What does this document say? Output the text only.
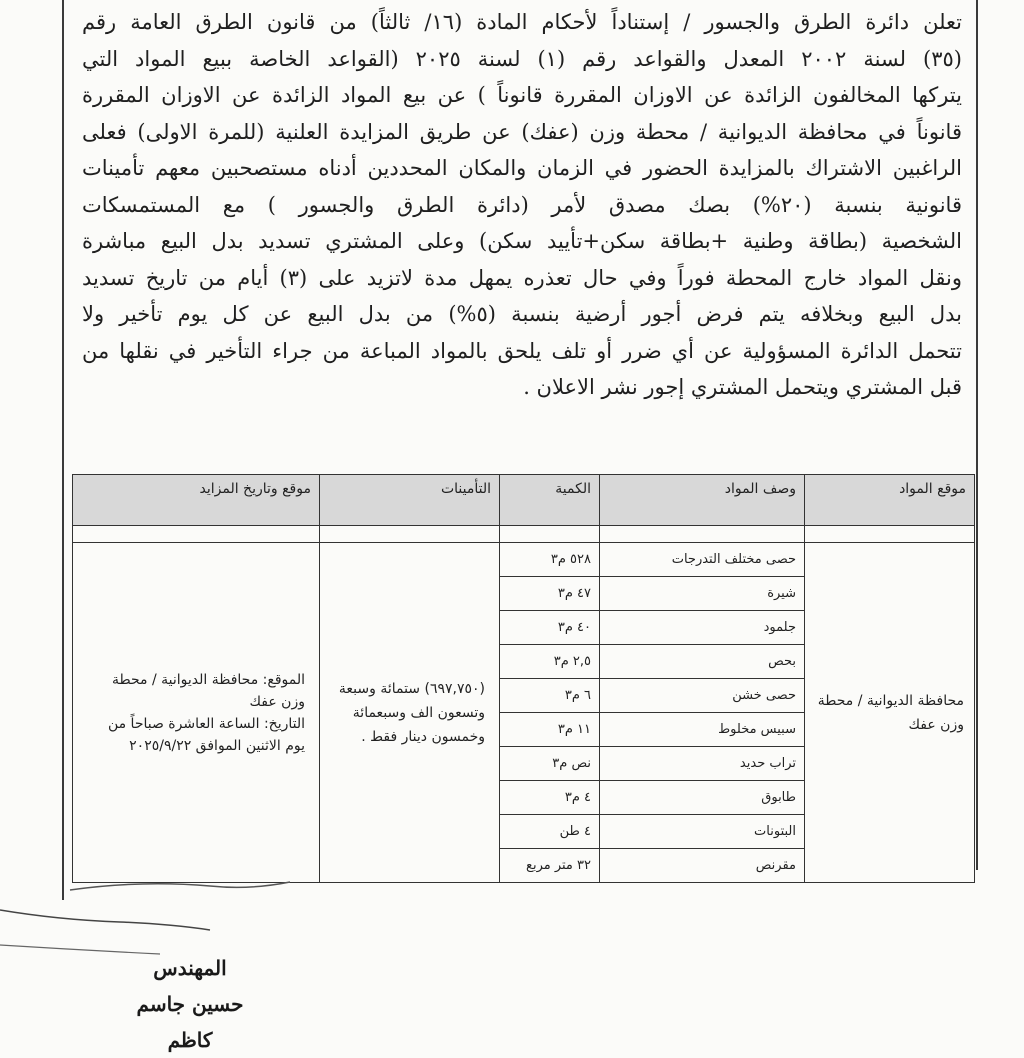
تعلن دائرة الطرق والجسور / إستناداً لأحكام المادة (١٦/ ثالثاً) من قانون الطرق العامة رقم
(٣٥) لسنة ٢٠٠٢ المعدل والقواعد رقم (١) لسنة ٢٠٢٥ (القواعد الخاصة ببيع المواد التي
يتركها المخالفون الزائدة عن الاوزان المقررة قانوناً ) عن بيع المواد الزائدة عن الاوزان المقررة
قانوناً في محافظة الديوانية / محطة وزن (عفك) عن طريق المزايدة العلنية (للمرة الاولى) فعلى
الراغبين الاشتراك بالمزايدة الحضور في الزمان والمكان المحددين أدناه مستصحبين معهم تأمينات
قانونية بنسبة (٢٠%) بصك مصدق لأمر (دائرة الطرق والجسور ) مع المستمسكات
الشخصية (بطاقة وطنية +بطاقة سكن+تأييد سكن) وعلى المشتري تسديد بدل البيع مباشرة
ونقل المواد خارج المحطة فوراً وفي حال تعذره يمهل مدة لاتزيد على (٣) أيام من تاريخ تسديد
بدل البيع وبخلافه يتم فرض أجور أرضية بنسبة (٥%) من بدل البيع عن كل يوم تأخير ولا
تتحمل الدائرة المسؤولية عن أي ضرر أو تلف يلحق بالمواد المباعة من جراء التأخير في نقلها من
قبل المشتري ويتحمل المشتري إجور نشر الاعلان .
موقع المواد	وصف المواد	الكمية	التأمينات	موقع وتاريخ المزايد

محافظة الديوانية / محطة وزن عفك	حصى مختلف التدرجات	٥٢٨ م٣	(٦٩٧,٧٥٠) ستمائة وسبعة وتسعون الف وسبعمائة وخمسون دينار فقط .	الموقع: محافظة الديوانية / محطة وزن عفك
التاريخ: الساعة العاشرة صباحاً من يوم الاثنين الموافق ٢٠٢٥/٩/٢٢

	شيرة	٤٧ م٣		
	جلمود	٤٠ م٣		
	بحص	٢,٥ م٣		
	حصى خشن	٦ م٣		
	سبيس مخلوط	١١ م٣		
	تراب حديد	نص م٣		
	طابوق	٤ م٣		
	البتونات	٤ طن		
	مقرنص	٣٢ متر مربع		
المهندس
حسين جاسم كاظم
